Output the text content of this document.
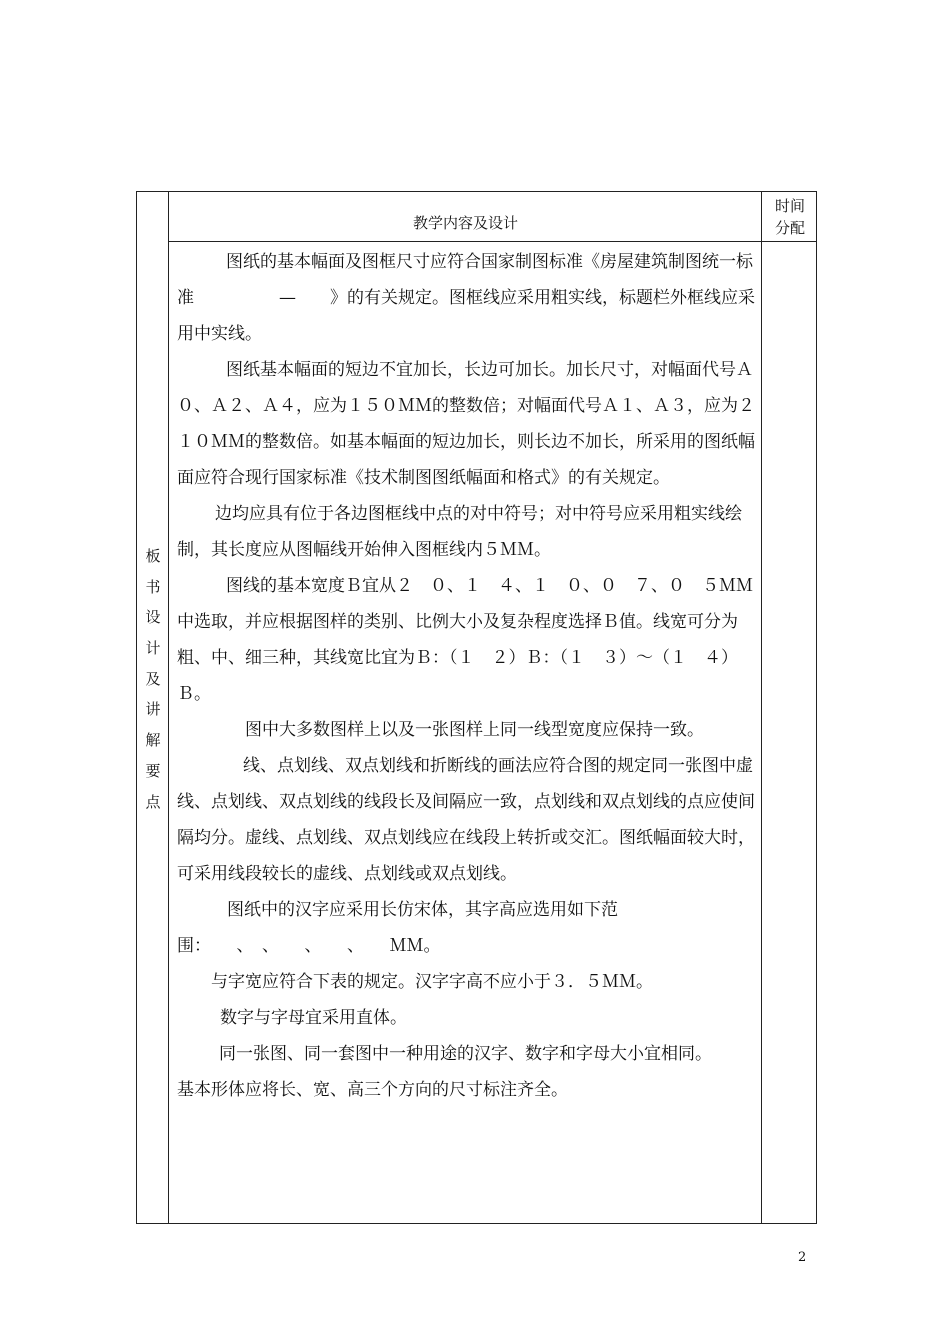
教学内容及设计
时间
分配
板
书
设
计
及
讲
解
要
点

图纸的基本幅面及图框尺寸应符合国家制图标准《房屋建筑制图统一标准　　　　　—　　》的有关规定。图框线应采用粗实线，标题栏外框线应采用中实线。

图纸基本幅面的短边不宜加长，长边可加长。加长尺寸，对幅面代号Ａ０、Ａ２、Ａ４，应为１５０ＭＭ的整数倍；对幅面代号Ａ１、Ａ３，应为２１０ＭＭ的整数倍。如基本幅面的短边加长，则长边不加长，所采用的图纸幅面应符合现行国家标准《技术制图图纸幅面和格式》的有关规定。

边均应具有位于各边图框线中点的对中符号；对中符号应采用粗实线绘制，其长度应从图幅线开始伸入图框线内５ＭＭ。

图线的基本宽度Ｂ宜从２　０、１　４、１　０、０　７、０　５ＭＭ中选取，并应根据图样的类别、比例大小及复杂程度选择Ｂ值。线宽可分为粗、中、细三种，其线宽比宜为Ｂ：（１　２）Ｂ：（１　３）～（１　４）Ｂ。

图中大多数图样上以及一张图样上同一线型宽度应保持一致。

线、点划线、双点划线和折断线的画法应符合图的规定同一张图中虚线、点划线、双点划线的线段长及间隔应一致，点划线和双点划线的点应使间隔均分。虚线、点划线、双点划线应在线段上转折或交汇。图纸幅面较大时，可采用线段较长的虚线、点划线或双点划线。

图纸中的汉字应采用长仿宋体，其字高应选用如下范围：　　、　、　　、　　、　　ＭＭ。

与字宽应符合下表的规定。汉字字高不应小于３．５ＭＭ。

数字与字母宜采用直体。

同一张图、同一套图中一种用途的汉字、数字和字母大小宜相同。

基本形体应将长、宽、高三个方向的尺寸标注齐全。

2
